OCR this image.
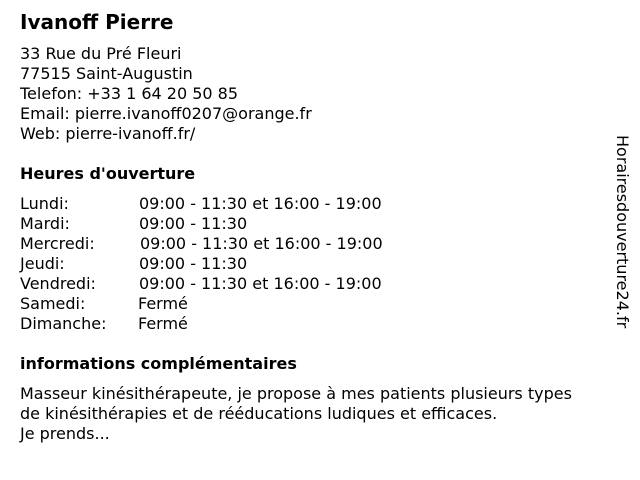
Ivanoff Pierre
33 Rue du Pré Fleuri
77515 Saint-Augustin
Telefon: +33 1 64 20 50 85
Email: pierre.ivanoff0207@orange.fr
Web: pierre-ivanoff.fr/
Heures d'ouverture
Lundi:	09:00 - 11:30 et 16:00 - 19:00
Mardi:	09:00 - 11:30
Mercredi:	09:00 - 11:30 et 16:00 - 19:00
Jeudi:	09:00 - 11:30
Vendredi:	09:00 - 11:30 et 16:00 - 19:00
Samedi:	Fermé
Dimanche: Fermé
informations complémentaires
Masseur kinésithérapeute, je propose à mes patients plusieurs types
de kinésithérapies et de rééducations ludiques et efficaces.
Je prends...
Horairesdouverture24.fr
